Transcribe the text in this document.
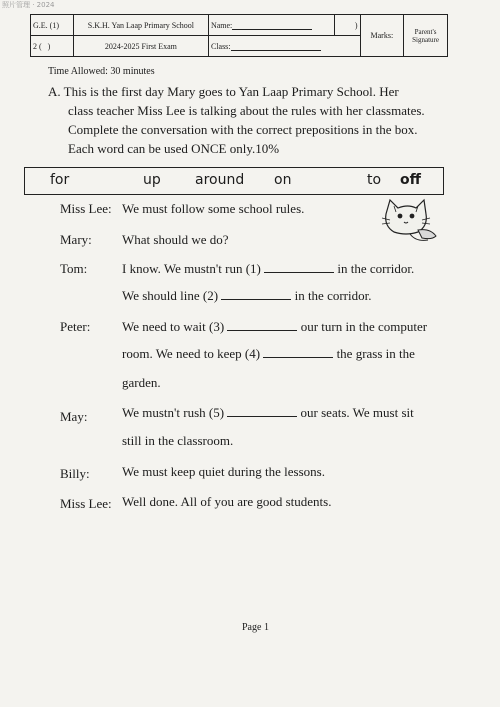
照片管理 · 2024
G.E. (1)	S.K.H. Yan Laap Primary School	Name:	)	Marks:	Parent's Signature
2 ( )	2024-2025 First Exam	Class:			
Time Allowed: 30 minutes
A. This is the first day Mary goes to Yan Laap Primary School. Her
class teacher Miss Lee is talking about the rules with her classmates.
Complete the conversation with the correct prepositions in the box.
Each word can be used ONCE only.10%
for	up around on	to off
Miss Lee: We must follow some school rules.
Mary: What should we do?
Tom:	I know. We mustn't run (1)	in the corridor.
We should line (2)	in the corridor.
Peter: We need to wait (3)	our turn in the computer
room. We need to keep (4)	the grass in the
garden.
May:	We mustn't rush (5)	our seats. We must sit
still in the classroom.
Billy: We must keep quiet during the lessons.
Miss Lee: Well done. All of you are good students.
Page 1
